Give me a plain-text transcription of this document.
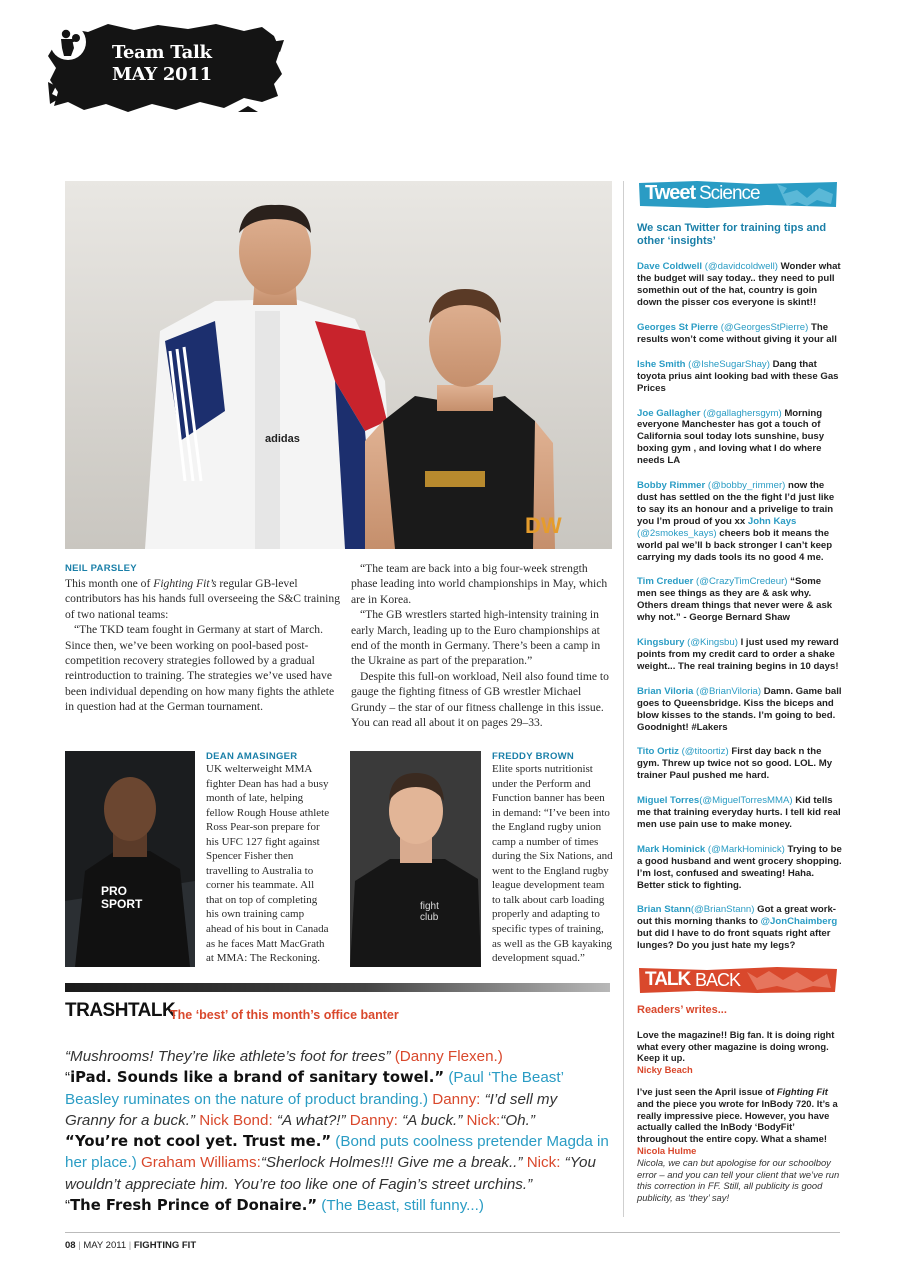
Team Talk
MAY 2011
adidas
DW
NEIL PARSLEY

This month one of Fighting Fit’s regular GB-level contributors has his hands full overseeing the S&C training of two national teams:

“The TKD team fought in Germany at start of March. Since then, we’ve been working on pool-based post-competition recovery strategies followed by a gradual reintroduction to training. The strategies we’ve used have been individual depending on how many fights the athlete in question had at the German tournament.

“The team are back into a big four-week strength phase leading into world championships in May, which are in Korea.

“The GB wrestlers started high-intensity training in early March, leading up to the Euro championships at end of the month in Germany. There’s been a camp in the Ukraine as part of the preparation.”

Despite this full-on workload, Neil also found time to gauge the fighting fitness of GB wrestler Michael Grundy – the star of our fitness challenge in this issue. You can read all about it on pages 29–33.

PRO SPORT
DEAN AMASINGER
UK welterweight MMA fighter Dean has had a busy month of late, helping fellow Rough House athlete Ross Pear-son prepare for his UFC 127 fight against Spencer Fisher then travelling to Australia to corner his teammate. All that on top of completing his own training camp ahead of his bout in Canada as he faces Matt MacGrath at MMA: The Reckoning.
fight club
FREDDY BROWN
Elite sports nutritionist under the Perform and Function banner has been in demand: “I’ve been into the England rugby union camp a number of times during the Six Nations, and went to the England rugby league development team to talk about carb loading properly and adapting to specific types of training, as well as the GB kayaking development squad.”
TRASHTALK
The ‘best’ of this month’s office banter
“Mushrooms! They’re like athlete’s foot for trees” (Danny Flexen.)
“iPad. Sounds like a brand of sanitary towel.” (Paul ‘The Beast’ Beasley ruminates on the nature of product branding.) Danny: “I’d sell my Granny for a buck.” Nick Bond: “A what?!” Danny: “A buck.” Nick:“Oh.”
“You’re not cool yet. Trust me.” (Bond puts coolness pretender Magda in her place.) Graham Williams:“Sherlock Holmes!!! Give me a break..” Nick: “You wouldn’t appreciate him. You’re too like one of Fagin’s street urchins.”
“The Fresh Prince of Donaire.” (The Beast, still funny...)
Tweet Science
We scan Twitter for training tips and other ‘insights’
Dave Coldwell (@davidcoldwell) Wonder what the budget will say today.. they need to pull somethin out of the hat, country is goin down the pisser cos everyone is skint!!
Georges St Pierre (@GeorgesStPierre) The results won’t come without giving it your all
Ishe Smith (@IsheSugarShay) Dang that toyota prius aint looking bad with these Gas Prices
Joe Gallagher (@gallaghersgym) Morning everyone Manchester has got a touch of California soul today lots sunshine, busy boxing gym , and loving what I do where needs LA
Bobby Rimmer (@bobby_rimmer) now the dust has settled on the the fight I’d just like to say its an honour and a privelige to train you I’m proud of you xx John Kays (@2smokes_kays) cheers bob it means the world pal we’ll b back stronger I can’t keep carrying my dads tools its no good 4 me.
Tim Creduer (@CrazyTimCredeur) “Some men see things as they are & ask why. Others dream things that never were & ask why not.” - George Bernard Shaw
Kingsbury (@Kingsbu) I just used my reward points from my credit card to order a shake weight... The real training begins in 10 days!
Brian Viloria (@BrianViloria) Damn. Game ball goes to Queensbridge. Kiss the biceps and blow kisses to the stands. I’m going to bed. Goodnight! #Lakers
Tito Ortiz (@titoortiz) First day back n the gym. Threw up twice not so good. LOL. My trainer Paul pushed me hard.
Miguel Torres(@MiguelTorresMMA) Kid tells me that training everyday hurts. I tell kid real men use pain use to make money.
Mark Hominick (@MarkHominick) Trying to be a good husband and went grocery shopping. I’m lost, confused and sweating! Haha. Better stick to fighting.
Brian Stann(@BrianStann) Got a great work-out this morning thanks to @JonChaimberg but did I have to do front squats right after lunges? Do you just hate my legs?
TALK BACK
Readers’ writes...
Love the magazine!! Big fan. It is doing right what every other magazine is doing wrong. Keep it up.
Nicky Beach
I’ve just seen the April issue of Fighting Fit and the piece you wrote for InBody 720. It’s a really impressive piece. However, you have actually called the InBody ‘BodyFit’ throughout the entire copy. What a shame!
Nicola Hulme
Nicola, we can but apologise for our schoolboy error – and you can tell your client that we’ve run this correction in FF. Still, all publicity is good publicity, as ‘they’ say!
08 | MAY 2011 | FIGHTING FIT
